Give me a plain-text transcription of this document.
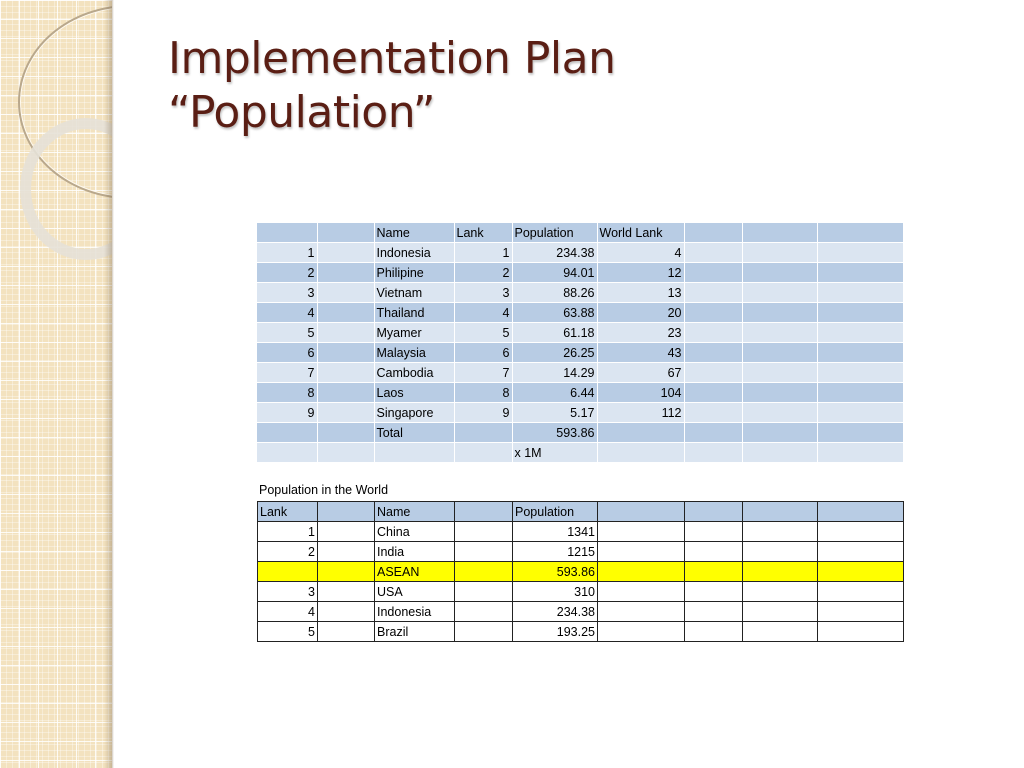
Implementation Plan
“Population”
		Name	Lank	Population	World Lank			
1		Indonesia	1	234.38	4			
2		Philipine	2	94.01	12			
3		Vietnam	3	88.26	13			
4		Thailand	4	63.88	20			
5		Myamer	5	61.18	23			
6		Malaysia	6	26.25	43			
7		Cambodia	7	14.29	67			
8		Laos	8	6.44	104			
9		Singapore	9	5.17	112			
		Total		593.86				
				x 1M				
Population in the World
Lank		Name		Population				
1		China		1341				
2		India		1215				
		ASEAN		593.86				
3		USA		310				
4		Indonesia		234.38				
5		Brazil		193.25				
